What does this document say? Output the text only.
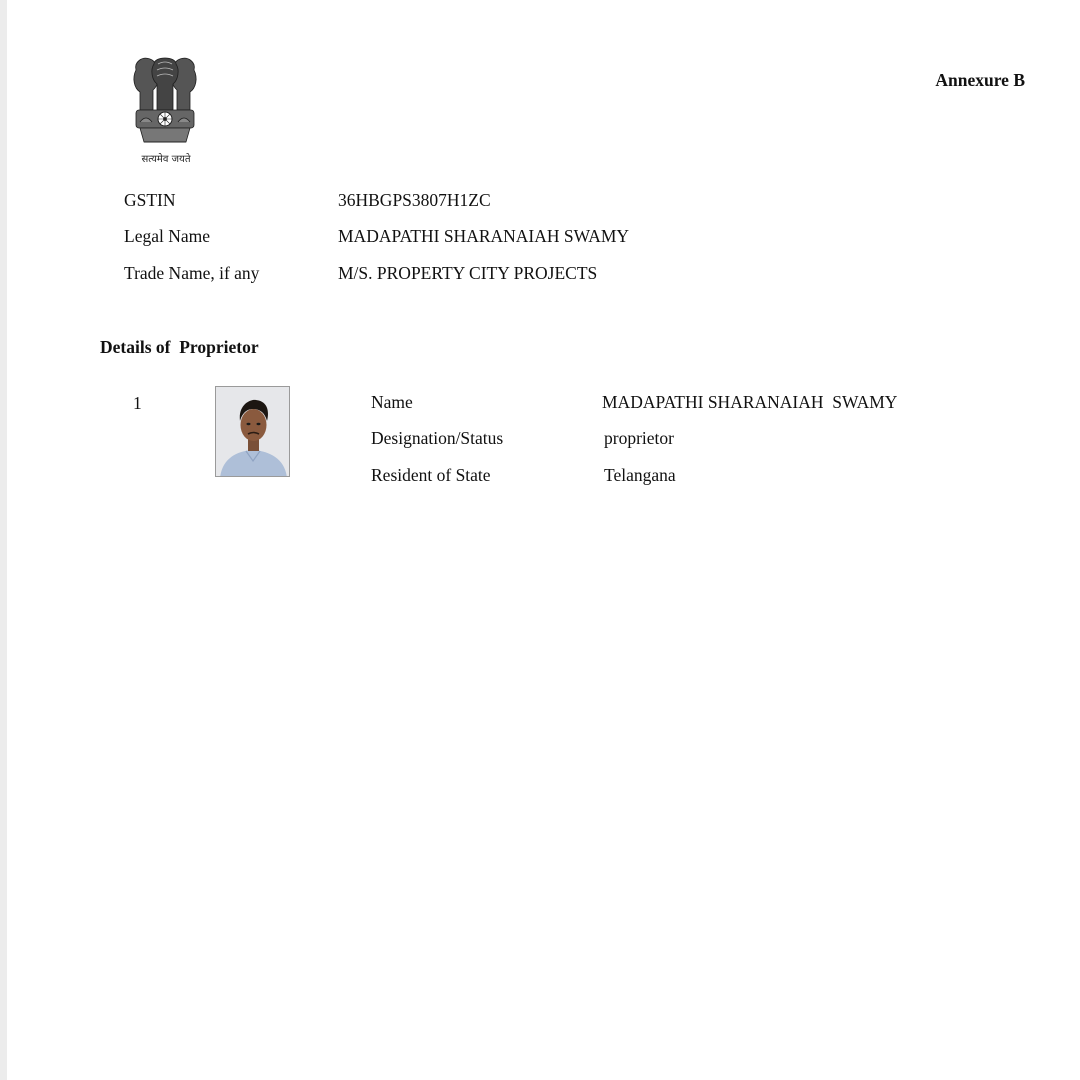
सत्यमेव जयते
Annexure B
GSTIN	36HBGPS3807H1ZC
Legal Name	MADAPATHI SHARANAIAH SWAMY
Trade Name, if any	M/S. PROPERTY CITY PROJECTS
Details of  Proprietor
1	Name	MADAPATHI SHARANAIAH  SWAMY
Designation/Status	proprietor
Resident of State	Telangana
